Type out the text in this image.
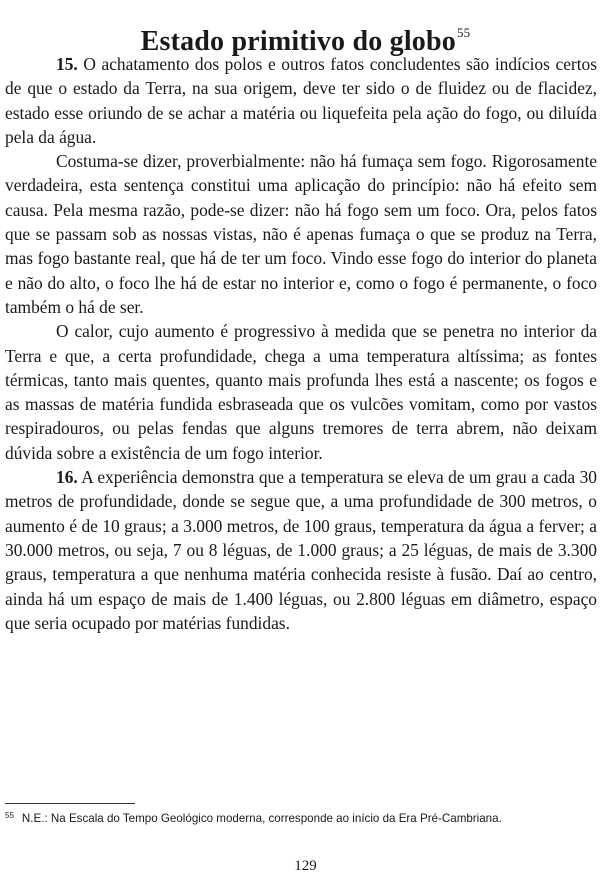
Estado primitivo do globo$^{55}$

15. O achatamento dos polos e outros fatos concludentes são indícios certos de que o estado da Terra, na sua origem, deve ter sido o de fluidez ou de flacidez, estado esse oriundo de se achar a matéria ou liquefeita pela ação do fogo, ou diluída pela da água.

Costuma-se dizer, proverbialmente: não há fumaça sem fogo. Rigorosamente verdadeira, esta sentença constitui uma aplicação do princípio: não há efeito sem causa. Pela mesma razão, pode-se dizer: não há fogo sem um foco. Ora, pelos fatos que se passam sob as nossas vistas, não é apenas fumaça o que se produz na Terra, mas fogo bastante real, que há de ter um foco. Vindo esse fogo do interior do planeta e não do alto, o foco lhe há de estar no interior e, como o fogo é permanente, o foco também o há de ser.

O calor, cujo aumento é progressivo à medida que se penetra no interior da Terra e que, a certa profundidade, chega a uma temperatura altíssima; as fontes térmicas, tanto mais quentes, quanto mais profunda lhes está a nascente; os fogos e as massas de matéria fundida esbraseada que os vulcões vomitam, como por vastos respiradouros, ou pelas fendas que alguns tremores de terra abrem, não deixam dúvida sobre a existência de um fogo interior.

16. A experiência demonstra que a temperatura se eleva de um grau a cada 30 metros de profundidade, donde se segue que, a uma profundidade de 300 metros, o aumento é de 10 graus; a 3.000 metros, de 100 graus, temperatura da água a ferver; a 30.000 metros, ou seja, 7 ou 8 léguas, de 1.000 graus; a 25 léguas, de mais de 3.300 graus, temperatura a que nenhuma matéria conhecida resiste à fusão. Daí ao centro, ainda há um espaço de mais de 1.400 léguas, ou 2.800 léguas em diâmetro, espaço que seria ocupado por matérias fundidas.

$^{55}$ N.E.: Na Escala do Tempo Geológico moderna, corresponde ao início da Era Pré-Cambriana.
129
